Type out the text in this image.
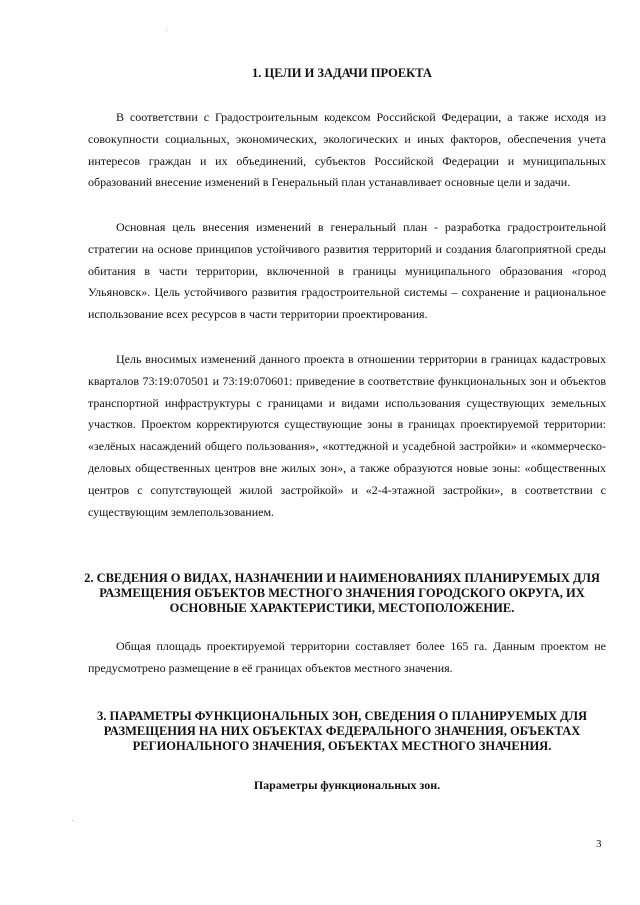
1. ЦЕЛИ И ЗАДАЧИ ПРОЕКТА
В соответствии с Градостроительным кодексом Российской Федерации, а также исходя из совокупности социальных, экономических, экологических и иных факторов, обеспечения учета интересов граждан и их объединений, субъектов Российской Федерации и муниципальных образований внесение изменений в Генеральный план устанавливает основные цели и задачи.
Основная цель внесения изменений в генеральный план - разработка градостроительной стратегии на основе принципов устойчивого развития территорий и создания благоприятной среды обитания в части территории, включенной в границы муниципального образования «город Ульяновск». Цель устойчивого развития градостроительной системы – сохранение и рациональное использование всех ресурсов в части территории проектирования.
Цель вносимых изменений данного проекта в отношении территории в границах кадастровых кварталов 73:19:070501 и 73:19:070601: приведение в соответствие функциональных зон и объектов транспортной инфраструктуры с границами и видами использования существующих земельных участков. Проектом корректируются существующие зоны в границах проектируемой территории: «зелёных насаждений общего пользования», «коттеджной и усадебной застройки» и «коммерческо-деловых общественных центров вне жилых зон», а также образуются новые зоны: «общественных центров с сопутствующей жилой застройкой» и «2-4-этажной застройки», в соответствии с существующим землепользованием.
2. СВЕДЕНИЯ О ВИДАХ, НАЗНАЧЕНИИ И НАИМЕНОВАНИЯХ ПЛАНИРУЕМЫХ ДЛЯ РАЗМЕЩЕНИЯ ОБЪЕКТОВ МЕСТНОГО ЗНАЧЕНИЯ ГОРОДСКОГО ОКРУГА, ИХ ОСНОВНЫЕ ХАРАКТЕРИСТИКИ, МЕСТОПОЛОЖЕНИЕ.
Общая площадь проектируемой территории составляет более 165 га. Данным проектом не предусмотрено размещение в её границах объектов местного значения.
3. ПАРАМЕТРЫ ФУНКЦИОНАЛЬНЫХ ЗОН, СВЕДЕНИЯ О ПЛАНИРУЕМЫХ ДЛЯ РАЗМЕЩЕНИЯ НА НИХ ОБЪЕКТАХ ФЕДЕРАЛЬНОГО ЗНАЧЕНИЯ, ОБЪЕКТАХ РЕГИОНАЛЬНОГО ЗНАЧЕНИЯ, ОБЪЕКТАХ МЕСТНОГО ЗНАЧЕНИЯ.
Параметры функциональных зон.
3
